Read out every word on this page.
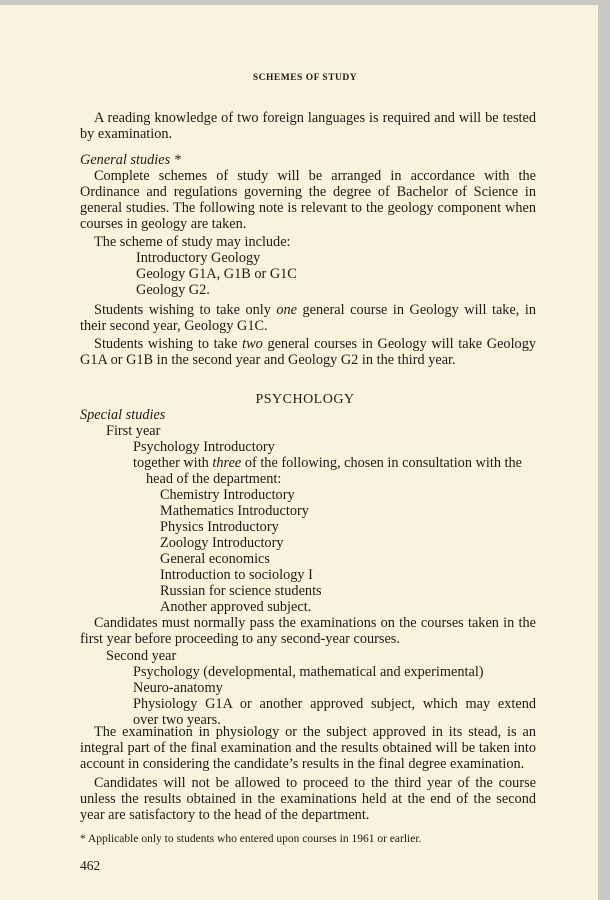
SCHEMES OF STUDY
A reading knowledge of two foreign languages is required and will be tested by examination.
General studies *
Complete schemes of study will be arranged in accordance with the Ordinance and regulations governing the degree of Bachelor of Science in general studies. The following note is relevant to the geology component when courses in geology are taken.
The scheme of study may include:
Introductory Geology
Geology G1A, G1B or G1C
Geology G2.
Students wishing to take only one general course in Geology will take, in their second year, Geology G1C.
Students wishing to take two general courses in Geology will take Geology G1A or G1B in the second year and Geology G2 in the third year.
PSYCHOLOGY
Special studies
First year
Psychology Introductory
together with three of the following, chosen in consultation with the
head of the department:
Chemistry Introductory
Mathematics Introductory
Physics Introductory
Zoology Introductory
General economics
Introduction to sociology I
Russian for science students
Another approved subject.
Candidates must normally pass the examinations on the courses taken in the first year before proceeding to any second-year courses.
Second year
Psychology (developmental, mathematical and experimental)
Neuro-anatomy
Physiology G1A or another approved subject, which may extend
over two years.
The examination in physiology or the subject approved in its stead, is an integral part of the final examination and the results obtained will be taken into account in considering the candidate’s results in the final degree examination.
Candidates will not be allowed to proceed to the third year of the course unless the results obtained in the examinations held at the end of the second year are satisfactory to the head of the department.
* Applicable only to students who entered upon courses in 1961 or earlier.
462
